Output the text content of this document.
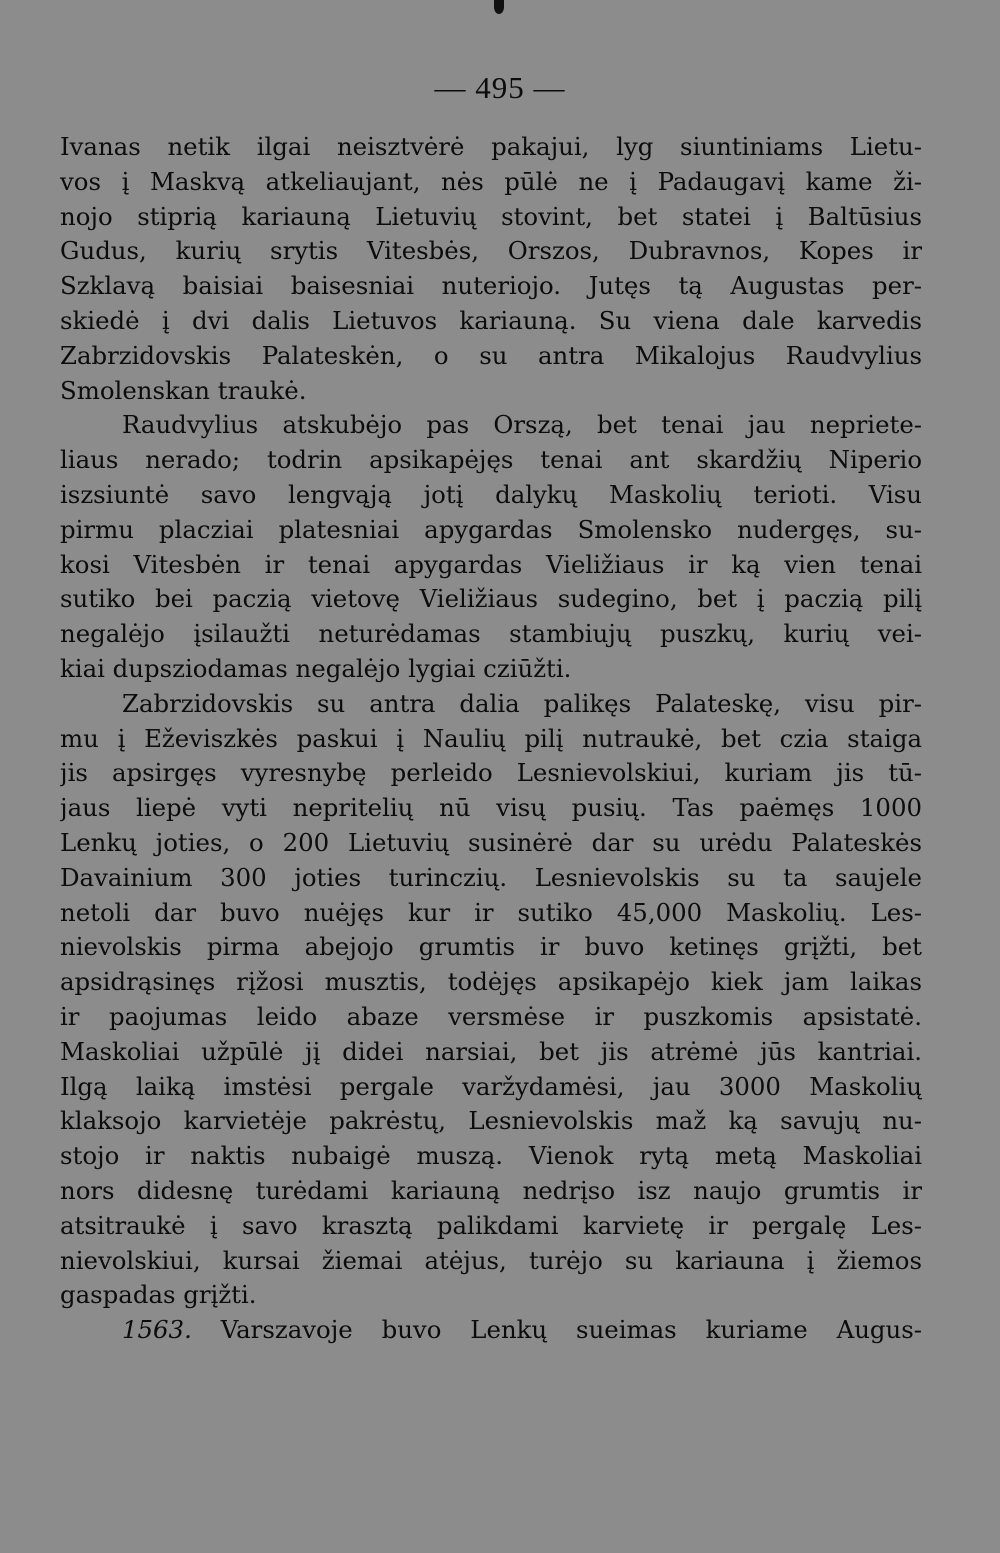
— 495 —
Ivanas netik ilgai neisztvėrė pakajui, lyg siuntiniams Lietu-
vos į Maskvą atkeliaujant, nės pūlė ne į Padaugavį kame ži-
nojo stiprią kariauną Lietuvių stovint, bet statei į Baltūsius
Gudus, kurių srytis Vitesbės, Orszos, Dubravnos, Kopes ir
Szklavą baisiai baisesniai nuteriojo. Jutęs tą Augustas per-
skiedė į dvi dalis Lietuvos kariauną. Su viena dale karvedis
Zabrzidovskis Palateskėn, o su antra Mikalojus Raudvylius
Smolenskan traukė.
Raudvylius atskubėjo pas Orszą, bet tenai jau nepriete-
liaus nerado; todrin apsikapėjęs tenai ant skardžių Niperio
iszsiuntė savo lengvąją jotį dalykų Maskolių terioti. Visu
pirmu placziai platesniai apygardas Smolensko nudergęs, su-
kosi Vitesbėn ir tenai apygardas Vieližiaus ir ką vien tenai
sutiko bei paczią vietovę Vieližiaus sudegino, bet į paczią pilį
negalėjo įsilaužti neturėdamas stambiujų puszkų, kurių vei-
kiai dupsziodamas negalėjo lygiai cziūžti.
Zabrzidovskis su antra dalia palikęs Palateskę, visu pir-
mu į Eževiszkės paskui į Naulių pilį nutraukė, bet czia staiga
jis apsirgęs vyresnybę perleido Lesnievolskiui, kuriam jis tū-
jaus liepė vyti nepritelių nū visų pusių. Tas paėmęs 1000
Lenkų joties, o 200 Lietuvių susinėrė dar su urėdu Palateskės
Davainium 300 joties turinczių. Lesnievolskis su ta saujele
netoli dar buvo nuėjęs kur ir sutiko 45,000 Maskolių. Les-
nievolskis pirma abejojo grumtis ir buvo ketinęs grįžti, bet
apsidrąsinęs rįžosi musztis, todėjęs apsikapėjo kiek jam laikas
ir paojumas leido abaze versmėse ir puszkomis apsistatė.
Maskoliai užpūlė jį didei narsiai, bet jis atrėmė jūs kantriai.
Ilgą laiką imstėsi pergale varžydamėsi, jau 3000 Maskolių
klaksojo karvietėje pakrėstų, Lesnievolskis maž ką savujų nu-
stojo ir naktis nubaigė muszą. Vienok rytą metą Maskoliai
nors didesnę turėdami kariauną nedrįso isz naujo grumtis ir
atsitraukė į savo krasztą palikdami karvietę ir pergalę Les-
nievolskiui, kursai žiemai atėjus, turėjo su kariauna į žiemos
gaspadas grįžti.
1563. Varszavoje buvo Lenkų sueimas kuriame Augus-
